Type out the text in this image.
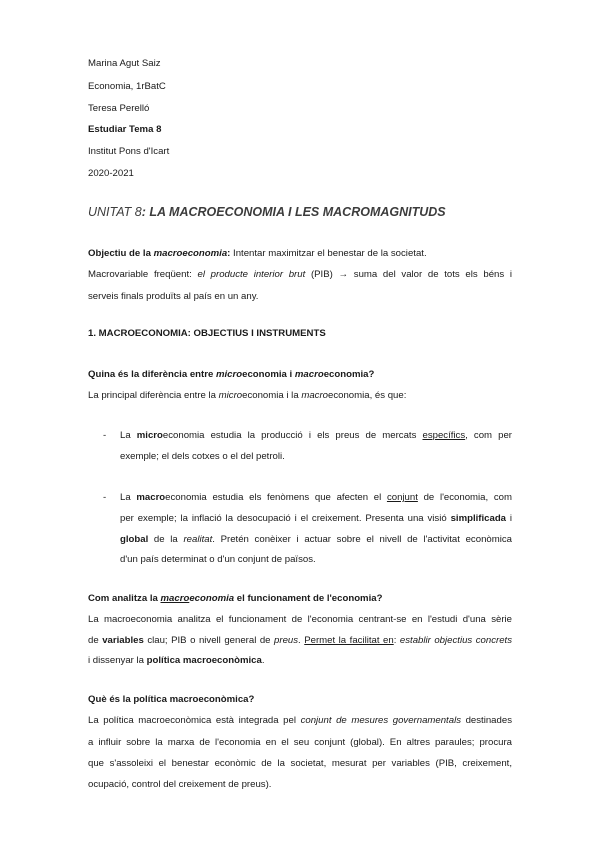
Marina Agut Saiz

Economia, 1rBatC

Teresa Perelló

Estudiar Tema 8

Institut Pons d'Icart

2020-2021

UNITAT 8: LA MACROECONOMIA I LES MACROMAGNITUDS

Objectiu de la macroeconomia: Intentar maximitzar el benestar de la societat.

Macrovariable freqüent: el producte interior brut (PIB) → suma del valor de tots els béns i

serveis finals produïts al país en un any.

1. MACROECONOMIA: OBJECTIUS I INSTRUMENTS

Quina és la diferència entre microeconomia i macroeconomia?

La principal diferència entre la microeconomia i la macroeconomia, és que:

- La microeconomia estudia la producció i els preus de mercats específics, com per

exemple; el dels cotxes o el del petroli.

- La macroeconomia estudia els fenòmens que afecten el conjunt de l'economia, com

per exemple; la inflació la desocupació i el creixement. Presenta una visió simplificada i

global de la realitat. Pretén conèixer i actuar sobre el nivell de l'activitat econòmica

d'un país determinat o d'un conjunt de països.

Com analitza la macroeconomia el funcionament de l'economia?

La macroeconomia analitza el funcionament de l'economia centrant-se en l'estudi d'una sèrie

de variables clau; PIB o nivell general de preus. Permet la facilitat en: establir objectius concrets

i dissenyar la política macroeconòmica.

Què és la política macroeconòmica?

La política macroeconòmica està integrada pel conjunt de mesures governamentals destinades

a influir sobre la marxa de l'economia en el seu conjunt (global). En altres paraules; procura

que s'assoleixi el benestar econòmic de la societat, mesurat per variables (PIB, creixement,

ocupació, control del creixement de preus).
